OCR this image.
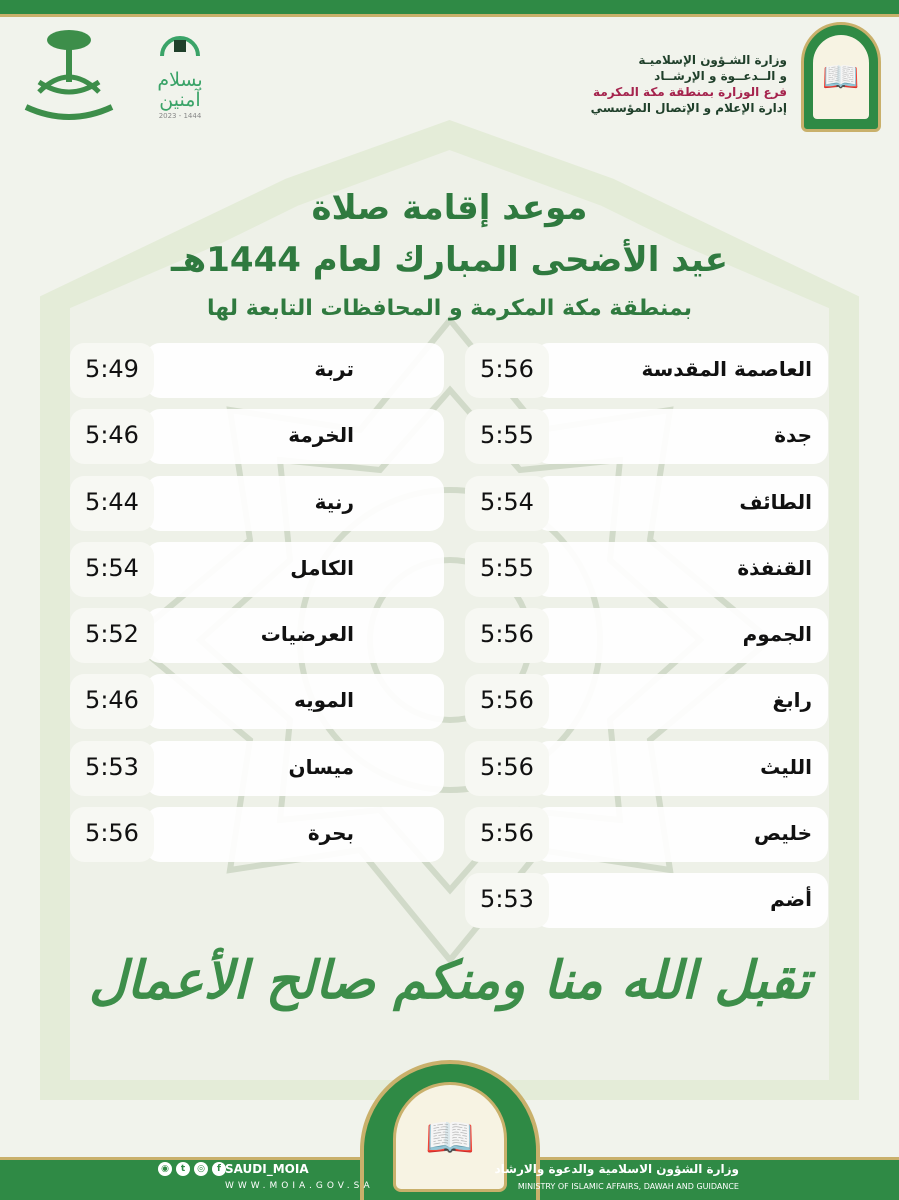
📖
وزارة الشـؤون الإسلاميـة
و الــدعــوة و الإرشــاد
فرع الوزارة بمنطقة مكة المكرمة
إدارة الإعلام و الإتصال المؤسسي
بسلام
آمنين
2023 - 1444
موعد إقامة صلاة
عيد الأضحى المبارك لعام 1444هـ
بمنطقة مكة المكرمة و المحافظات التابعة لها
العاصمة المقدسة
5:56
جدة
5:55
الطائف
5:54
القنفذة
5:55
الجموم
5:56
رابغ
5:56
الليث
5:56
خليص
5:56
أضم
5:53
تربة
5:49
الخرمة
5:46
رنية
5:44
الكامل
5:54
العرضيات
5:52
المويه
5:46
ميسان
5:53
بحرة
5:56
تقبل الله منا ومنكم صالح الأعمال
📖
◉	t	◎	f SAUDI_MOIA
WWW.MOIA.GOV.SA
وزارة الشؤون الاسلامية والدعوة والارشاد
MINISTRY OF ISLAMIC AFFAIRS, DAWAH AND GUIDANCE
